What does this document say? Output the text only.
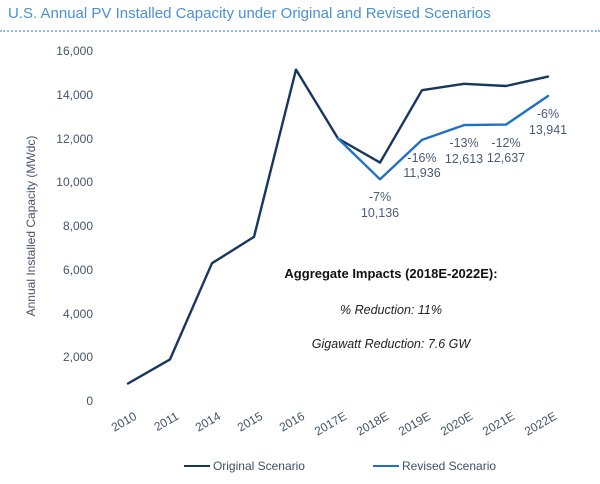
U.S. Annual PV Installed Capacity under Original and Revised Scenarios
Annual Installed Capacity (MWdc)
0
2,000
4,000
6,000
8,000
10,000
12,000
14,000
16,000
2010	2011 2014 2015 2016 2017E 2018E 2019E 2020E 2021E 2022E
-7%
10,136
-16%
11,936
-13%
12,613
-12%
12,637
-6%
13,941
Aggregate Impacts (2018E-2022E):
% Reduction: 11%
Gigawatt Reduction: 7.6 GW
Original Scenario	Revised Scenario
